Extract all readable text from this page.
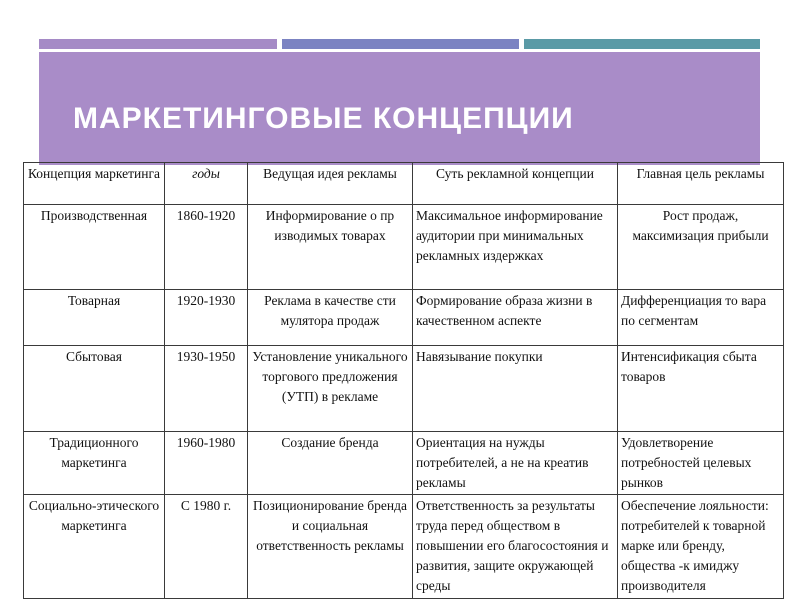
МАРКЕТИНГОВЫЕ КОНЦЕПЦИИ
Концепция маркетинга	годы	Ведущая идея рекламы	Суть рекламной концепции	Главная цель рекламы
Производственная	1860-1920	Информирование о пр изводимых товарах	Максимальное информирование аудитории при минимальных рекламных издержках	Рост продаж, максимизация прибыли
Товарная	1920-1930	Реклама в качестве сти мулятора продаж	Формирование образа жизни в качественном аспекте	Дифференциация то вара по сегментам
Сбытовая	1930-1950	Установление уникального торгового предложения (УТП) в рекламе	Навязывание покупки	Интенсификация сбыта товаров
Традиционного маркетинга	1960-1980	Создание бренда	Ориентация на нужды потребителей, а не на креатив рекламы	Удовлетворение потребностей целевых рынков
Социально-этического маркетинга	С 1980 г.	Позиционирование бренда и социальная ответственность рекламы	Ответственность за результаты труда перед обществом в повышении его благосостояния и развития, защите окружающей среды	Обеспечение лояльности: потребителей к товарной марке или бренду, общества -к имиджу производителя
